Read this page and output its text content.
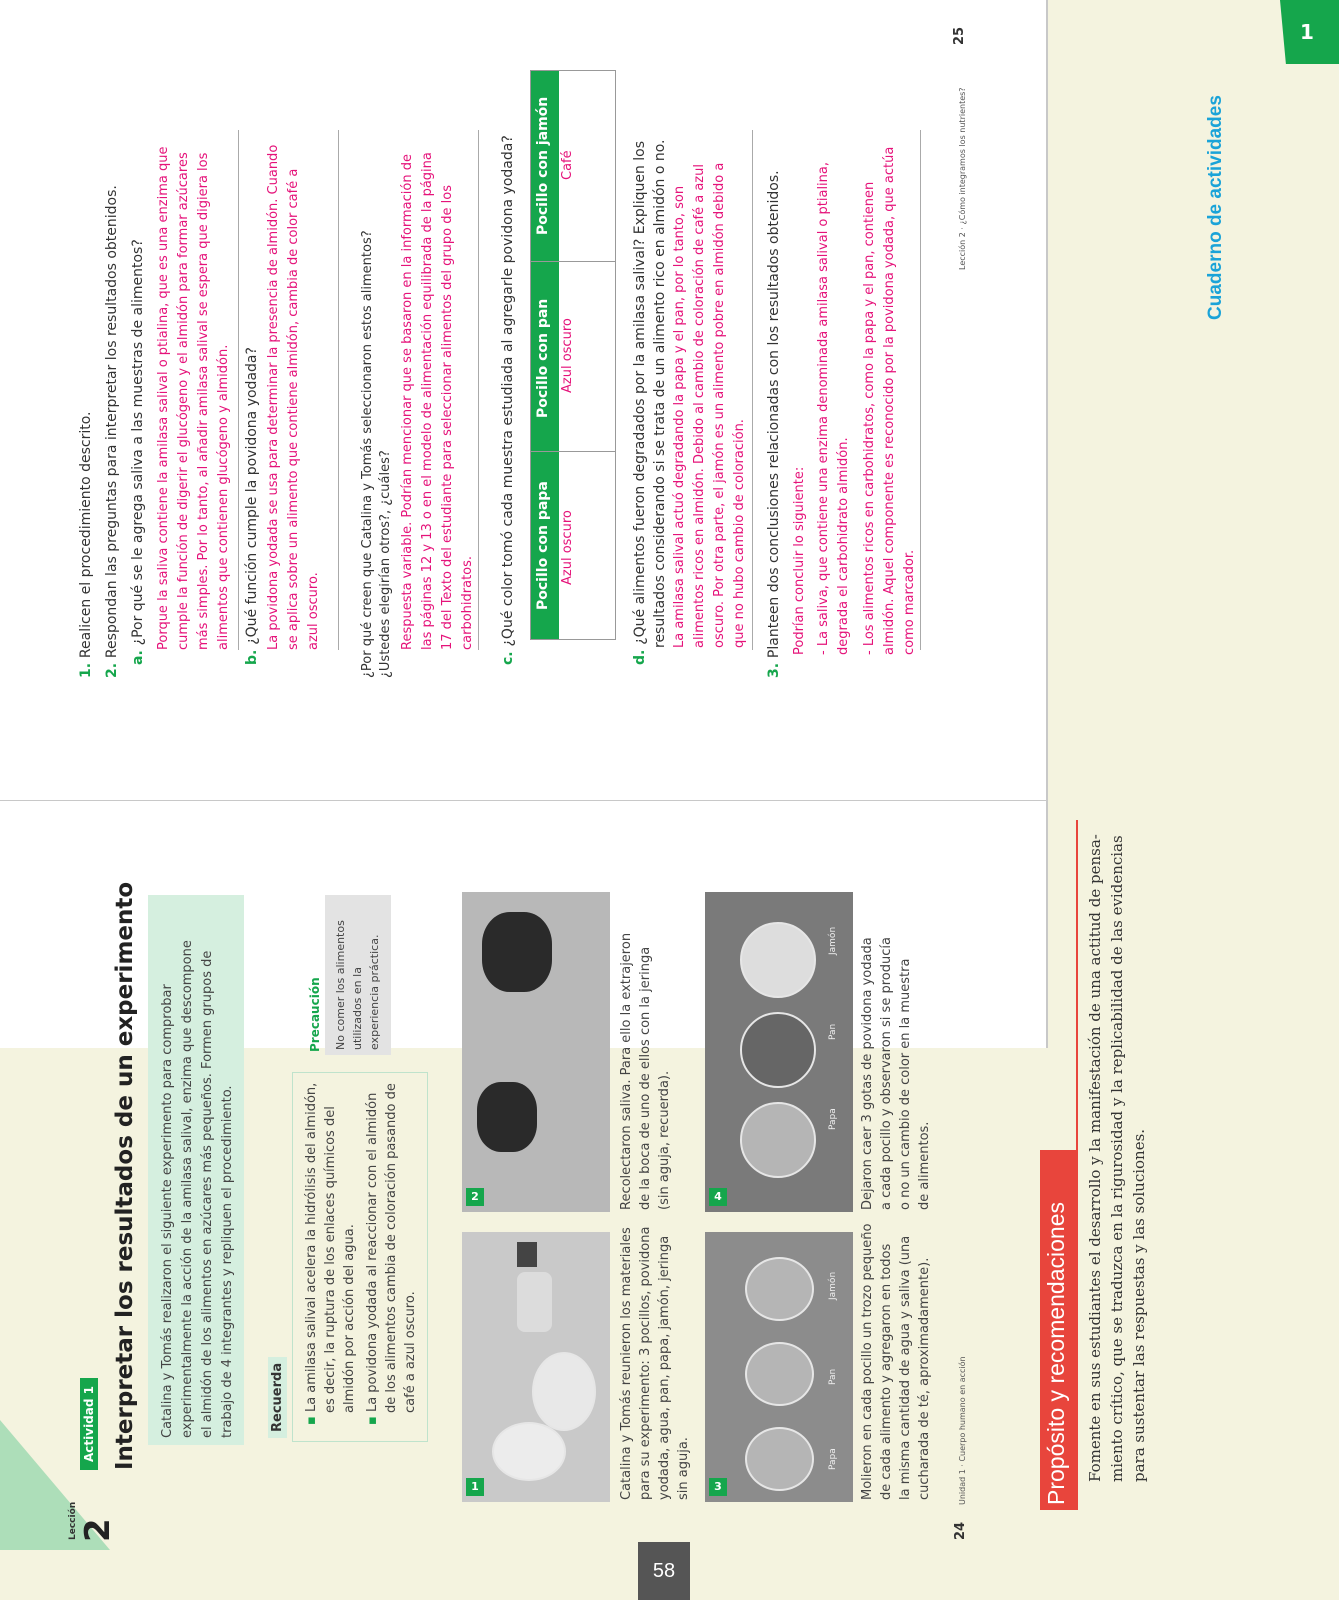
1
58
Lección 2
Actividad 1 Interpretar los resultados de un experimento Catalina y Tomás realizaron el siguiente experimento para comprobar experimentalmente la acción de la amilasa salival, enzima que descompone el almidón de los alimentos en azúcares más pequeños. Formen grupos de trabajo de 4 integrantes y repliquen el procedimiento.	Recuerda ▪ La amilasa salival acelera la hidrólisis del almidón, es decir, la ruptura de los enlaces químicos del almidón por acción del agua.
▪ La povidona yodada al reaccionar con el almidón de los alimentos cambia de coloración pasando de café a azul oscuro.
Precaución No comer los alimentos utilizados en la experiencia práctica.
Papa
Pan
Jamón
Papa
Pan
Jamón
1
2
3
4
Catalina y Tomás reunieron los materiales para su experimento: 3 pocillos, povidona yodada, agua, pan, papa, jamón, jeringa sin aguja.
Recolectaron saliva. Para ello la extrajeron de la boca de uno de ellos con la jeringa (sin aguja, recuerda).
Molieron en cada pocillo un trozo pequeño de cada alimento y agregaron en todos la misma cantidad de agua y saliva (una cucharada de té, aproximadamente).
Dejaron caer 3 gotas de povidona yodada a cada pocillo y observaron si se producía o no un cambio de color en la muestra de alimentos.
24
Unidad 1 · Cuerpo humano en acción
1. Realicen el procedimiento descrito.
2. Respondan las preguntas para interpretar los resultados obtenidos. a. ¿Por qué se le agrega saliva a las muestras de alimentos? Porque la saliva contiene la amilasa salival o ptialina, que es una enzima que cumple la función de digerir el glucógeno y el almidón para formar azúcares más simples. Por lo tanto, al añadir amilasa salival se espera que digiera los alimentos que contienen glucógeno y almidón.
b. ¿Qué función cumple la povidona yodada? La povidona yodada se usa para determinar la presencia de almidón. Cuando se aplica sobre un alimento que contiene almidón, cambia de color café a azul oscuro.	¿Por qué creen que Catalina y Tomás seleccionaron estos alimentos? ¿Ustedes elegirían otros?, ¿cuáles? Respuesta variable. Podrían mencionar que se basaron en la información de las páginas 12 y 13 o en el modelo de alimentación equilibrada de la página 17 del Texto del estudiante para seleccionar alimentos del grupo de los carbohidratos.
c. ¿Qué color tomó cada muestra estudiada al agregarle povidona yodada? Pocillo con papa
Pocillo con pan
Pocillo con jamón
Azul oscuro
Azul oscuro
Café
d. ¿Qué alimentos fueron degradados por la amilasa salival? Expliquen los resultados considerando si se trata de un alimento rico en almidón o no. La amilasa salival actuó degradando la papa y el pan, por lo tanto, son alimentos ricos en almidón. Debido al cambio de coloración de café a azul oscuro. Por otra parte, el jamón es un alimento pobre en almidón debido a que no hubo cambio de coloración.
3. Planteen dos conclusiones relacionadas con los resultados obtenidos. Podrían concluir lo siguiente: - La saliva, que contiene una enzima denominada amilasa salival o ptialina, degrada el carbohidrato almidón. - Los alimentos ricos en carbohidratos, como la papa y el pan, contienen almidón. Aquel componente es reconocido por la povidona yodada, que actúa como marcador.
25
Lección 2 · ¿Cómo integramos los nutrientes?
Propósito y recomendaciones Fomente en sus estudiantes el desarrollo y la manifestación de una actitud de pensa- miento crítico, que se traduzca en la rigurosidad y la replicabilidad de las evidencias para sustentar las respuestas y las soluciones.
Cuaderno de actividades
